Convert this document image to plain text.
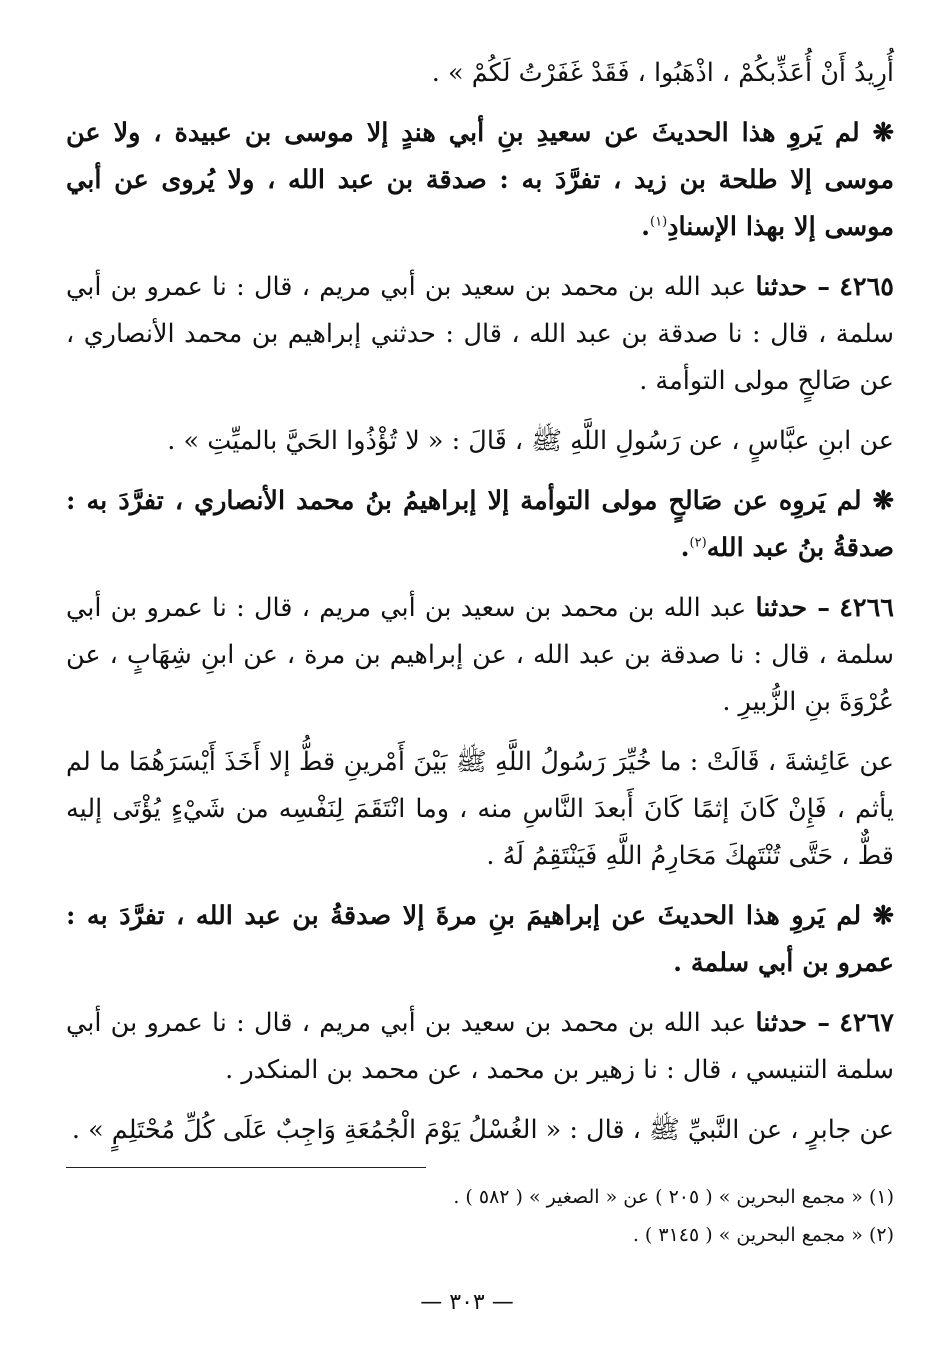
أُرِيدُ أَنْ أُعَذِّبكُمْ ، اذْهَبُوا ، فَقَدْ غَفَرْتُ لَكُمْ » .

❋ لم يَروِ هذا الحديثَ عن سعيدِ بنِ أبي هندٍ إلا موسى بن عبيدة ، ولا عن موسى إلا طلحة بن زيد ، تفرَّدَ به : صدقة بن عبد الله ، ولا يُروى عن أبي موسى إلا بهذا الإسنادِ$^{(١)}$.

٤٢٦٥ – حدثنا عبد الله بن محمد بن سعيد بن أبي مريم ، قال : نا عمرو بن أبي سلمة ، قال : نا صدقة بن عبد الله ، قال : حدثني إبراهيم بن محمد الأنصاري ، عن صَالحٍ مولى التوأمة .

عن ابنِ عبَّاسٍ ، عن رَسُولِ اللَّهِ ﷺ ، قَالَ : « لا تُؤْذُوا الحَيَّ بالميِّتِ » .

❋ لم يَروِه عن صَالحٍ مولى التوأمة إلا إبراهيمُ بنُ محمد الأنصاري ، تفرَّدَ به : صدقةُ بنُ عبد الله$^{(٢)}$.

٤٢٦٦ – حدثنا عبد الله بن محمد بن سعيد بن أبي مريم ، قال : نا عمرو بن أبي سلمة ، قال : نا صدقة بن عبد الله ، عن إبراهيم بن مرة ، عن ابنِ شِهَابٍ ، عن عُرْوَةَ بنِ الزُّبيرِ .

عن عَائِشةَ ، قَالَتْ : ما خُيِّرَ رَسُولُ اللَّهِ ﷺ بَيْنَ أَمْرينِ قطُّ إلا أَخَذَ أَيْسَرَهُمَا ما لم يأثم ، فَإِنْ كَانَ إثمًا كَانَ أَبعدَ النَّاسِ منه ، وما انْتَقَمَ لِنَفْسِه من شَيْءٍ يُؤْتَى إليه قطٌّ ، حَتَّى تُنْتَهكَ مَحَارِمُ اللَّهِ فَيَنْتَقِمُ لَهُ .

❋ لم يَروِ هذا الحديثَ عن إبراهيمَ بنِ مرةَ إلا صدقةُ بن عبد الله ، تفرَّدَ به : عمرو بن أبي سلمة .

٤٢٦٧ – حدثنا عبد الله بن محمد بن سعيد بن أبي مريم ، قال : نا عمرو بن أبي سلمة التنيسي ، قال : نا زهير بن محمد ، عن محمد بن المنكدر .

عن جابرٍ ، عن النَّبيِّ ﷺ ، قال : « الغُسْلُ يَوْمَ الْجُمُعَةِ وَاجِبٌ عَلَى كُلِّ مُحْتَلِمٍ » .

(١) « مجمع البحرين » ( ٢٠٥ ) عن « الصغير » ( ٥٨٢ ) .

(٢) « مجمع البحرين » ( ٣١٤٥ ) .

— ٣٠٣ —
